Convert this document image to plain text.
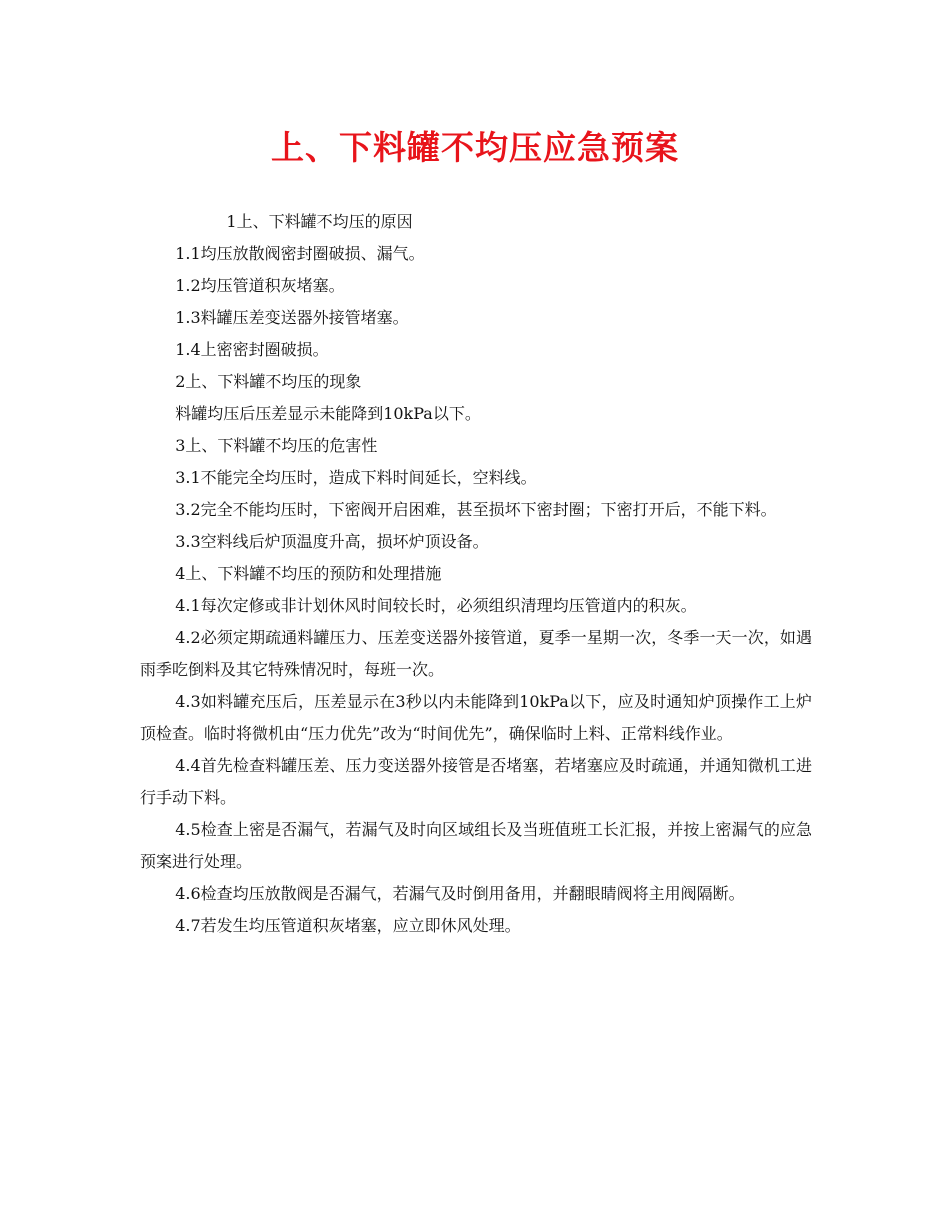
上、下料罐不均压应急预案

1上、下料罐不均压的原因

1.1均压放散阀密封圈破损、漏气。

1.2均压管道积灰堵塞。

1.3料罐压差变送器外接管堵塞。

1.4上密密封圈破损。

2上、下料罐不均压的现象

料罐均压后压差显示未能降到10kPa以下。

3上、下料罐不均压的危害性

3.1不能完全均压时，造成下料时间延长，空料线。

3.2完全不能均压时，下密阀开启困难，甚至损坏下密封圈；下密打开后，不能下料。

3.3空料线后炉顶温度升高，损坏炉顶设备。

4上、下料罐不均压的预防和处理措施

4.1每次定修或非计划休风时间较长时，必须组织清理均压管道内的积灰。

4.2必须定期疏通料罐压力、压差变送器外接管道，夏季一星期一次，冬季一天一次，如遇雨季吃倒料及其它特殊情况时，每班一次。

4.3如料罐充压后，压差显示在3秒以内未能降到10kPa以下，应及时通知炉顶操作工上炉顶检查。临时将微机由“压力优先”改为“时间优先”，确保临时上料、正常料线作业。

4.4首先检查料罐压差、压力变送器外接管是否堵塞，若堵塞应及时疏通，并通知微机工进行手动下料。

4.5检查上密是否漏气，若漏气及时向区域组长及当班值班工长汇报，并按上密漏气的应急预案进行处理。

4.6检查均压放散阀是否漏气，若漏气及时倒用备用，并翻眼睛阀将主用阀隔断。

4.7若发生均压管道积灰堵塞，应立即休风处理。
